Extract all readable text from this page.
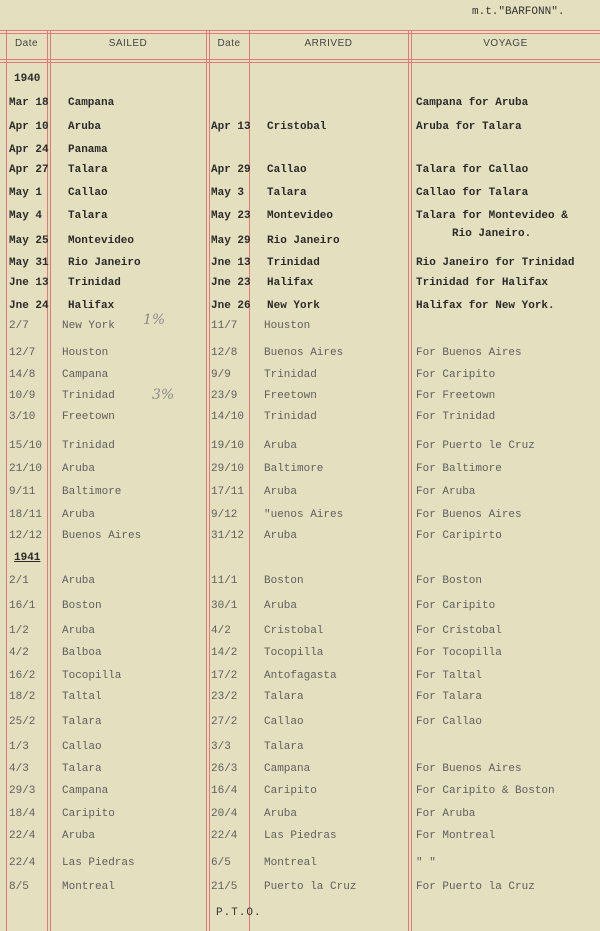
m.t."BARFONN".
Date	SAILED	Date	ARRIVED	VOYAGE
1940
1941
1%
3%
Mar 18 Campana	Campana for Aruba
Apr 10 Aruba	Apr 13 Cristobal	Aruba for Talara
Apr 24 Panama
Apr 27 Talara	Apr 29 Callao	Talara for Callao
May 1 Callao	May 3 Talara	Callao for Talara
May 4 Talara	May 23 Montevideo	Talara for Montevideo &
May 25 Montevideo	May 29 Rio Janeiro
Rio Janeiro.
May 31 Rio Janeiro	Jne 13 Trinidad	Rio Janeiro for Trinidad
Jne 13 Trinidad	Jne 23 Halifax	Trinidad for Halifax
Jne 24 Halifax	Jne 26 New York	Halifax for New York.
2/7	New York	11/7 Houston
12/7 Houston	12/8 Buenos Aires	For Buenos Aires
14/8 Campana	9/9	Trinidad	For Caripito
10/9 Trinidad	23/9 Freetown	For Freetown
3/10 Freetown	14/10 Trinidad	For Trinidad
15/10 Trinidad	19/10 Aruba	For Puerto le Cruz
21/10 Aruba	29/10 Baltimore	For Baltimore
9/11 Baltimore	17/11 Aruba	For Aruba
18/11 Aruba	9/12 "uenos Aires	For Buenos Aires
12/12 Buenos Aires	31/12 Aruba	For Caripirto
2/1	Aruba	11/1 Boston	For Boston
16/1 Boston	30/1 Aruba	For Caripito
1/2	Aruba	4/2	Cristobal	For Cristobal
4/2	Balboa	14/2 Tocopilla	For Tocopilla
16/2 Tocopilla	17/2 Antofagasta	For Taltal
18/2 Taltal	23/2 Talara	For Talara
25/2 Talara	27/2 Callao	For Callao
1/3	Callao	3/3	Talara
4/3	Talara	26/3 Campana	For Buenos Aires
29/3 Campana	16/4 Caripito	For Caripito & Boston
18/4 Caripito	20/4 Aruba	For Aruba
22/4 Aruba	22/4 Las Piedras	For Montreal
22/4 Las Piedras	6/5	Montreal	" "
8/5	Montreal	21/5 Puerto la Cruz	For Puerto la Cruz
P.T.O.
